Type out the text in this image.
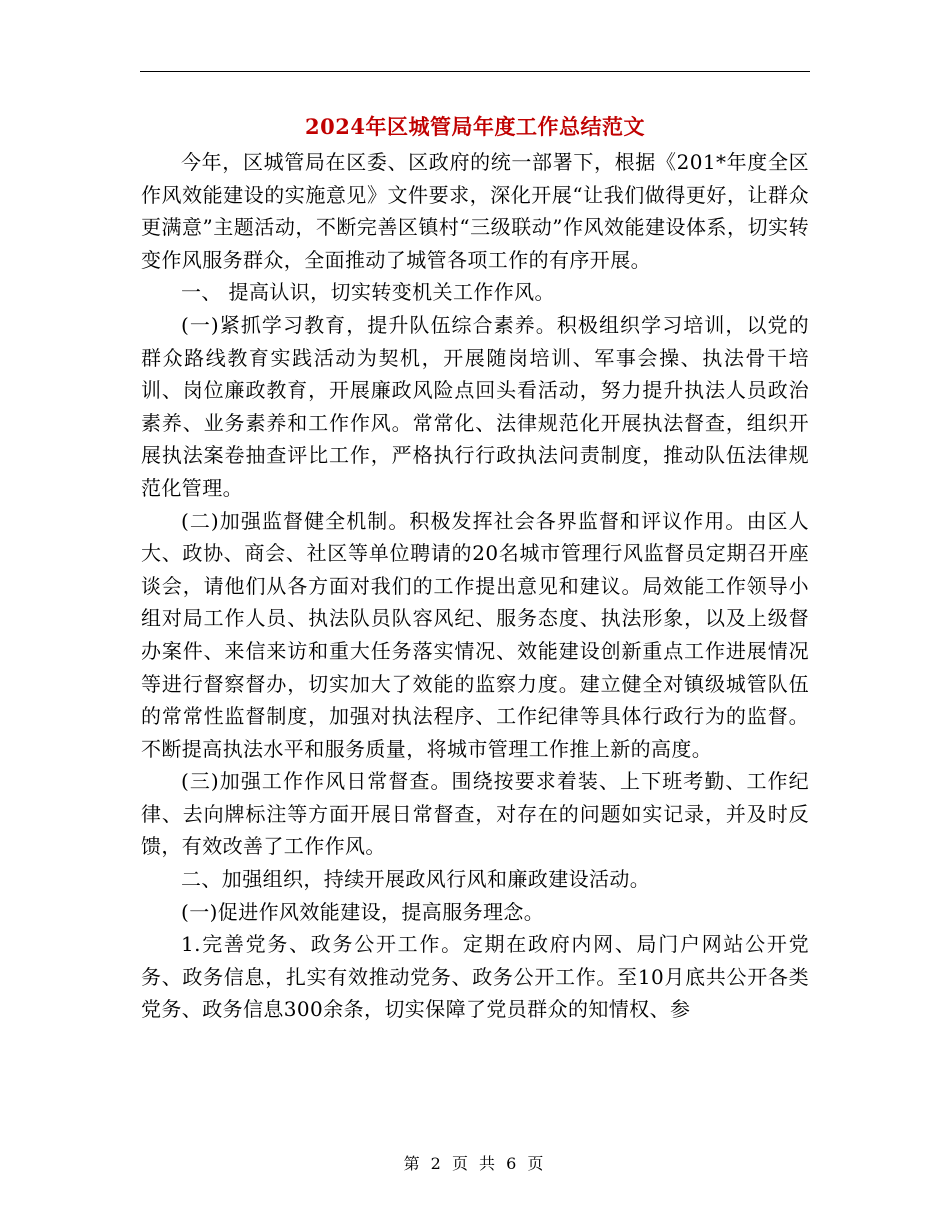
2024年区城管局年度工作总结范文

今年，区城管局在区委、区政府的统一部署下，根据《201*年度全区作风效能建设的实施意见》文件要求，深化开展“让我们做得更好，让群众更满意”主题活动，不断完善区镇村“三级联动”作风效能建设体系，切实转变作风服务群众，全面推动了城管各项工作的有序开展。

一、 提高认识，切实转变机关工作作风。

(一)紧抓学习教育，提升队伍综合素养。积极组织学习培训，以党的群众路线教育实践活动为契机，开展随岗培训、军事会操、执法骨干培训、岗位廉政教育，开展廉政风险点回头看活动，努力提升执法人员政治素养、业务素养和工作作风。常常化、法律规范化开展执法督查，组织开展执法案卷抽查评比工作，严格执行行政执法问责制度，推动队伍法律规范化管理。

(二)加强监督健全机制。积极发挥社会各界监督和评议作用。由区人大、政协、商会、社区等单位聘请的20名城市管理行风监督员定期召开座谈会，请他们从各方面对我们的工作提出意见和建议。局效能工作领导小组对局工作人员、执法队员队容风纪、服务态度、执法形象，以及上级督办案件、来信来访和重大任务落实情况、效能建设创新重点工作进展情况等进行督察督办，切实加大了效能的监察力度。建立健全对镇级城管队伍的常常性监督制度，加强对执法程序、工作纪律等具体行政行为的监督。不断提高执法水平和服务质量，将城市管理工作推上新的高度。

(三)加强工作作风日常督查。围绕按要求着装、上下班考勤、工作纪律、去向牌标注等方面开展日常督查，对存在的问题如实记录，并及时反馈，有效改善了工作作风。

二、加强组织，持续开展政风行风和廉政建设活动。

(一)促进作风效能建设，提高服务理念。

1.完善党务、政务公开工作。定期在政府内网、局门户网站公开党务、政务信息，扎实有效推动党务、政务公开工作。至10月底共公开各类党务、政务信息300余条，切实保障了党员群众的知情权、参

第 2 页 共 6 页
